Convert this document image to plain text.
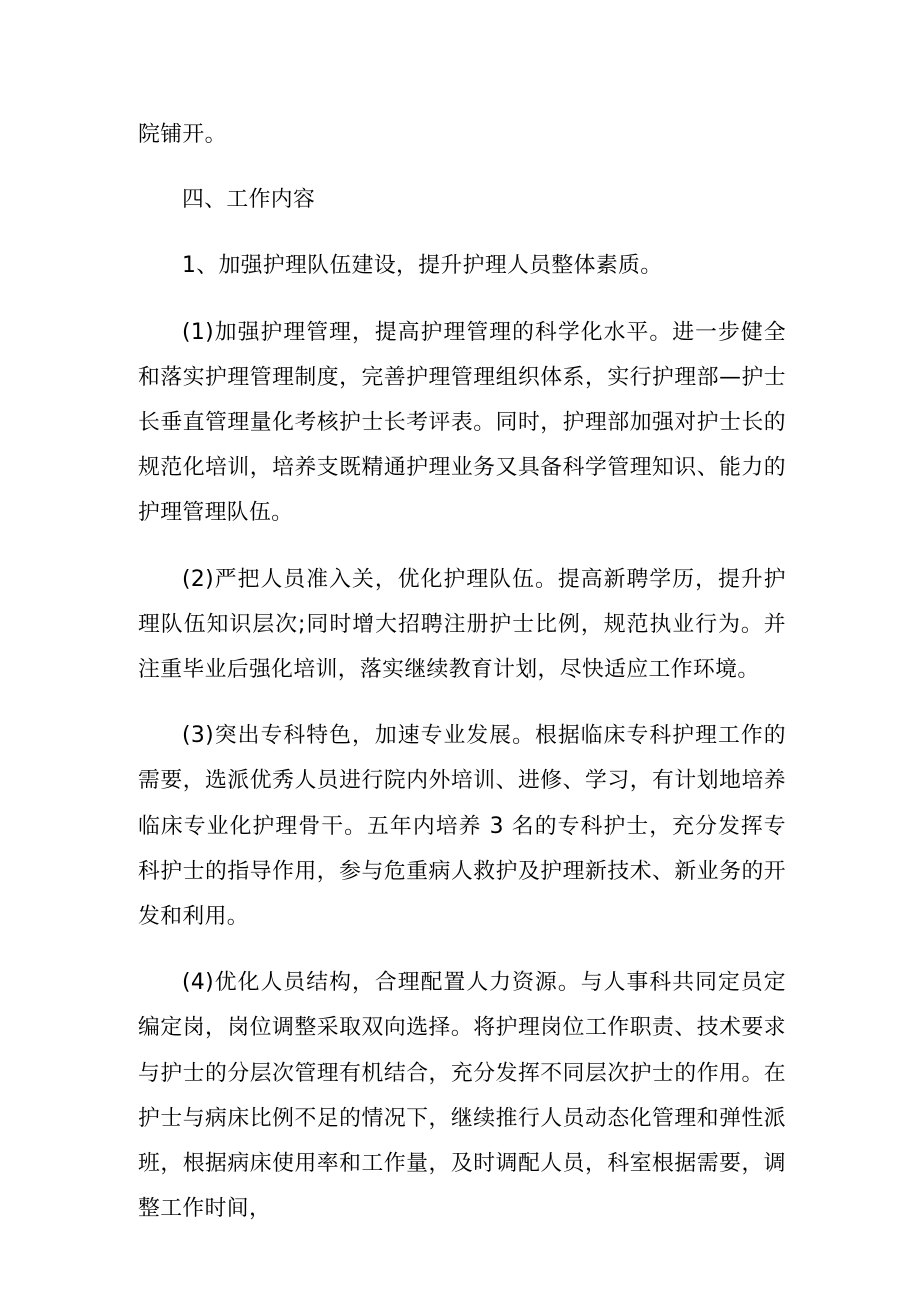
院铺开。

四、工作内容

1、加强护理队伍建设，提升护理人员整体素质。

(1)加强护理管理，提高护理管理的科学化水平。进一步健全和落实护理管理制度，完善护理管理组织体系，实行护理部—护士长垂直管理量化考核护士长考评表。同时，护理部加强对护士长的规范化培训，培养支既精通护理业务又具备科学管理知识、能力的护理管理队伍。

(2)严把人员准入关，优化护理队伍。提高新聘学历，提升护理队伍知识层次;同时增大招聘注册护士比例，规范执业行为。并注重毕业后强化培训，落实继续教育计划，尽快适应工作环境。

(3)突出专科特色，加速专业发展。根据临床专科护理工作的需要，选派优秀人员进行院内外培训、进修、学习，有计划地培养临床专业化护理骨干。五年内培养 3 名的专科护士，充分发挥专科护士的指导作用，参与危重病人救护及护理新技术、新业务的开发和利用。

(4)优化人员结构，合理配置人力资源。与人事科共同定员定编定岗，岗位调整采取双向选择。将护理岗位工作职责、技术要求与护士的分层次管理有机结合，充分发挥不同层次护士的作用。在护士与病床比例不足的情况下，继续推行人员动态化管理和弹性派班，根据病床使用率和工作量，及时调配人员，科室根据需要，调整工作时间，
